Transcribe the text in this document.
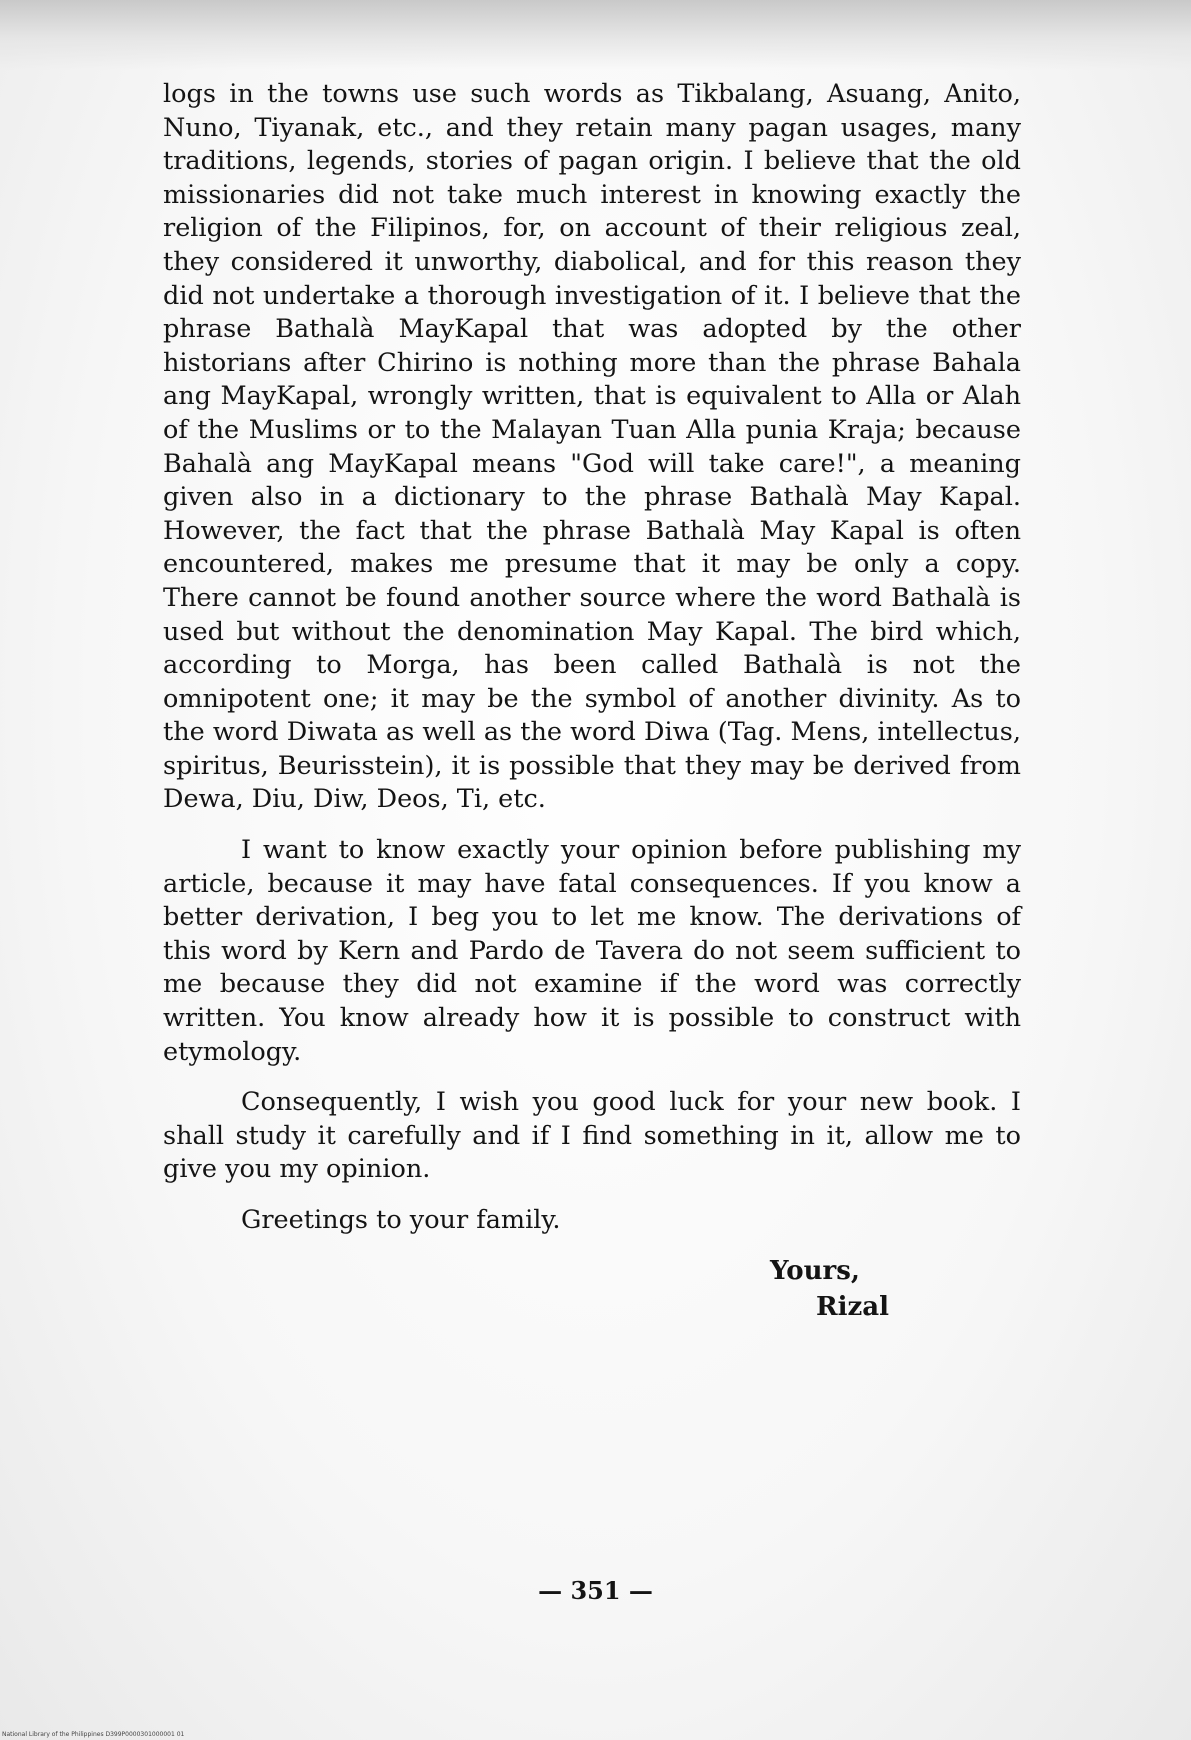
logs in the towns use such words as Tikbalang, Asuang, Anito, Nuno, Tiyanak, etc., and they retain many pagan usages, many traditions, legends, stories of pagan origin. I believe that the old missionaries did not take much interest in knowing exactly the religion of the Filipinos, for, on account of their religious zeal, they considered it unworthy, diabolical, and for this reason they did not undertake a thorough investigation of it. I believe that the phrase Bathalà MayKapal that was adopted by the other historians after Chirino is nothing more than the phrase Bahala ang MayKapal, wrongly written, that is equivalent to Alla or Alah of the Muslims or to the Malayan Tuan Alla punia Kraja; because Bahalà ang MayKapal means "God will take care!", a meaning given also in a dictionary to the phrase Bathalà May Kapal. However, the fact that the phrase Bathalà May Kapal is often encountered, makes me presume that it may be only a copy. There cannot be found another source where the word Bathalà is used but without the denomination May Kapal. The bird which, according to Morga, has been called Bathalà is not the omnipotent one; it may be the symbol of another divinity. As to the word Diwata as well as the word Diwa (Tag. Mens, intellectus, spiritus, Beurisstein), it is possible that they may be derived from Dewa, Diu, Diw, Deos, Ti, etc.

I want to know exactly your opinion before publishing my article, because it may have fatal consequences. If you know a better derivation, I beg you to let me know. The derivations of this word by Kern and Pardo de Tavera do not seem sufficient to me because they did not examine if the word was correctly written. You know already how it is possible to construct with etymology.

Consequently, I wish you good luck for your new book. I shall study it carefully and if I find something in it, allow me to give you my opinion.

Greetings to your family.

Yours,
Rizal
— 351 —
National Library of the Philippines D399P0000301000001 01
